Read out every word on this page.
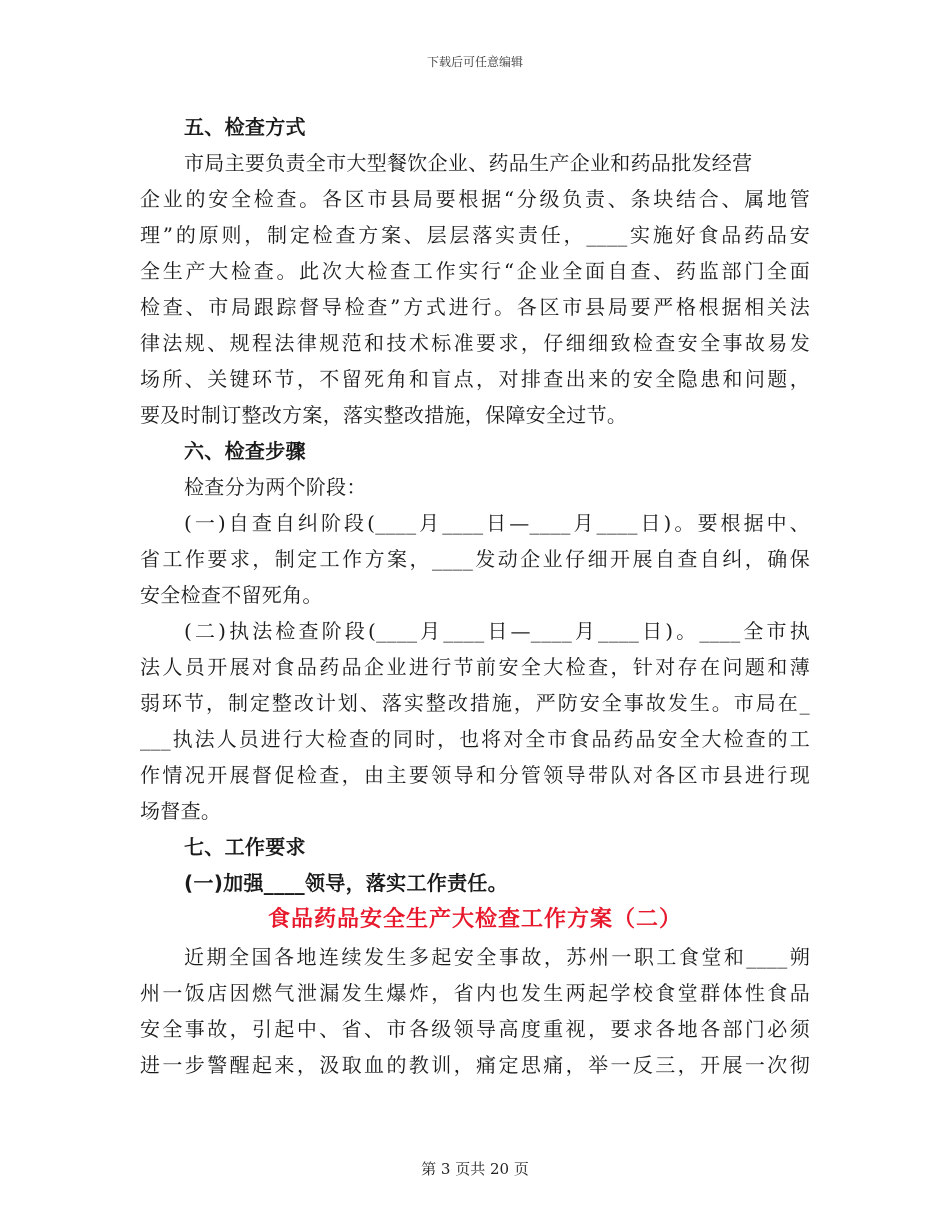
下载后可任意编辑
五、检查方式
市局主要负责全市大型餐饮企业、药品生产企业和药品批发经营
企业的安全检查。各区市县局要根据“分级负责、条块结合、属地管
理”的原则，制定检查方案、层层落实责任，____实施好食品药品安
全生产大检查。此次大检查工作实行“企业全面自查、药监部门全面
检查、市局跟踪督导检查”方式进行。各区市县局要严格根据相关法
律法规、规程法律规范和技术标准要求，仔细细致检查安全事故易发
场所、关键环节，不留死角和盲点，对排查出来的安全隐患和问题，
要及时制订整改方案，落实整改措施，保障安全过节。
六、检查步骤
检查分为两个阶段：
(一)自查自纠阶段(____月____日—____月____日)。要根据中、
省工作要求，制定工作方案，____发动企业仔细开展自查自纠，确保
安全检查不留死角。
(二)执法检查阶段(____月____日—____月____日)。____全市执
法人员开展对食品药品企业进行节前安全大检查，针对存在问题和薄
弱环节，制定整改计划、落实整改措施，严防安全事故发生。市局在_
___执法人员进行大检查的同时，也将对全市食品药品安全大检查的工
作情况开展督促检查，由主要领导和分管领导带队对各区市县进行现
场督查。
七、工作要求
(一)加强____领导，落实工作责任。
食品药品安全生产大检查工作方案（二）
近期全国各地连续发生多起安全事故，苏州一职工食堂和____朔
州一饭店因燃气泄漏发生爆炸，省内也发生两起学校食堂群体性食品
安全事故，引起中、省、市各级领导高度重视，要求各地各部门必须
进一步警醒起来，汲取血的教训，痛定思痛，举一反三，开展一次彻
第 3 页共 20 页
